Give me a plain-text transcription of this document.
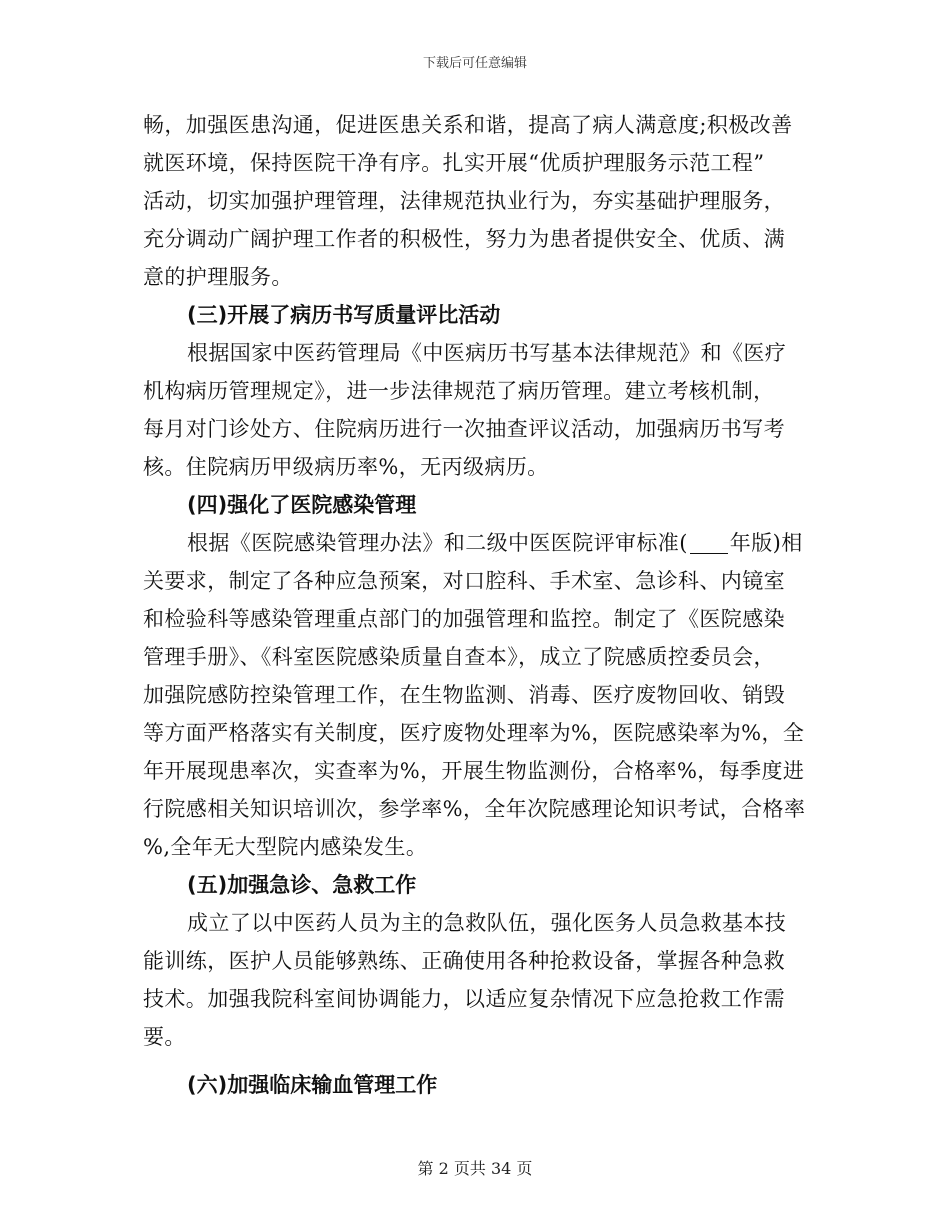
下载后可任意编辑
畅，加强医患沟通，促进医患关系和谐，提高了病人满意度;积极改善
就医环境，保持医院干净有序。扎实开展“优质护理服务示范工程”
活动，切实加强护理管理，法律规范执业行为，夯实基础护理服务，
充分调动广阔护理工作者的积极性，努力为患者提供安全、优质、满
意的护理服务。
(三)开展了病历书写质量评比活动
根据国家中医药管理局《中医病历书写基本法律规范》和《医疗
机构病历管理规定》，进一步法律规范了病历管理。建立考核机制，
每月对门诊处方、住院病历进行一次抽查评议活动，加强病历书写考
核。住院病历甲级病历率%，无丙级病历。
(四)强化了医院感染管理
根据《医院感染管理办法》和二级中医医院评审标准( 年版)相
关要求，制定了各种应急预案，对口腔科、手术室、急诊科、内镜室
和检验科等感染管理重点部门的加强管理和监控。制定了《医院感染
管理手册》、《科室医院感染质量自查本》，成立了院感质控委员会，
加强院感防控染管理工作，在生物监测、消毒、医疗废物回收、销毁
等方面严格落实有关制度，医疗废物处理率为%，医院感染率为%，全
年开展现患率次，实查率为%，开展生物监测份，合格率%，每季度进
行院感相关知识培训次，参学率%，全年次院感理论知识考试，合格率
%,全年无大型院内感染发生。
(五)加强急诊、急救工作
成立了以中医药人员为主的急救队伍，强化医务人员急救基本技
能训练，医护人员能够熟练、正确使用各种抢救设备，掌握各种急救
技术。加强我院科室间协调能力，以适应复杂情况下应急抢救工作需
要。
(六)加强临床输血管理工作
第 2 页共 34 页
